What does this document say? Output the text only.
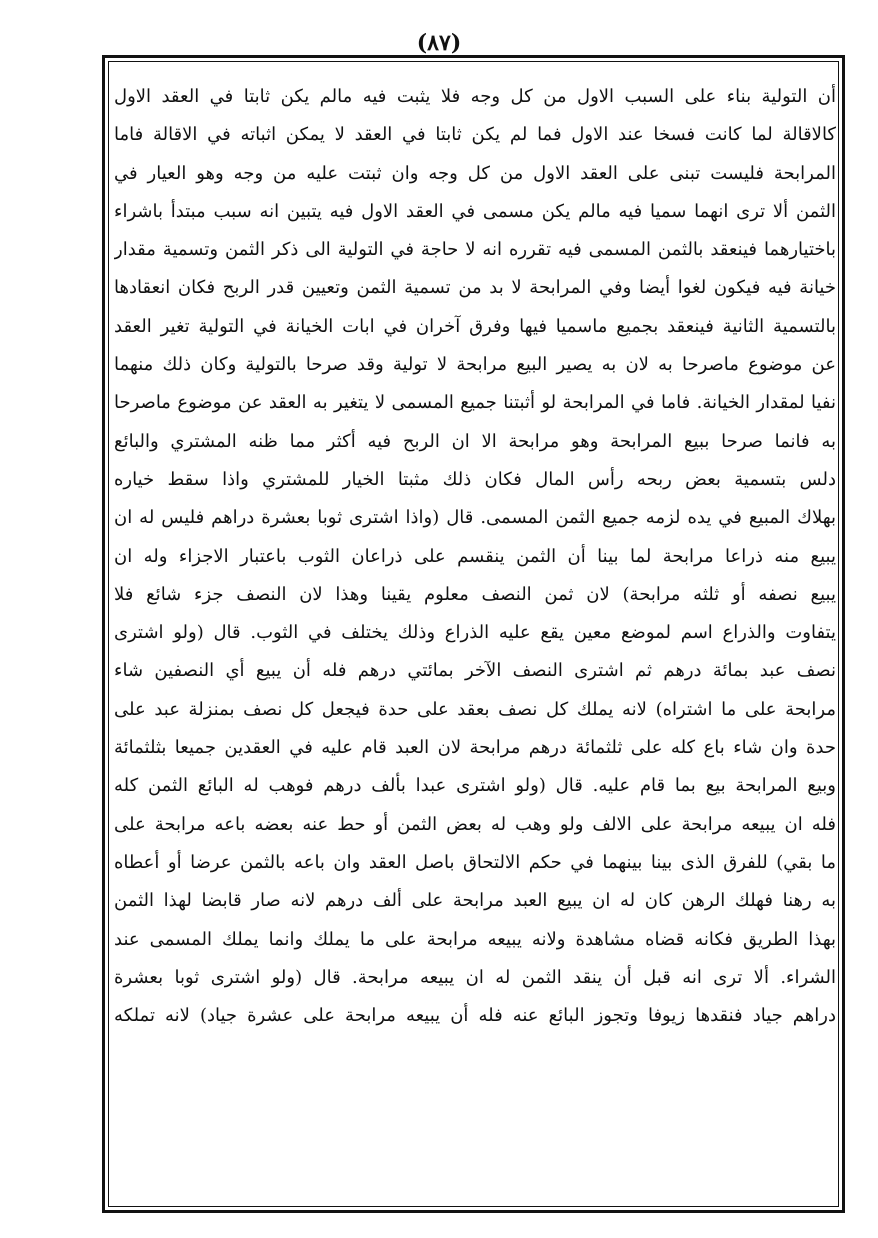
(٨٧)
أن التولية بناء على السبب الاول من كل وجه فلا يثبت فيه مالم يكن ثابتا في العقد الاول
كالاقالة لما كانت فسخا عند الاول فما لم يكن ثابتا في العقد لا يمكن اثباته في الاقالة فاما
المرابحة فليست تبنى على العقد الاول من كل وجه وان ثبتت عليه من وجه وهو العيار في
الثمن ألا ترى انهما سميا فيه مالم يكن مسمى في العقد الاول فيه يتبين انه سبب مبتدأ باشراء
باختيارهما فينعقد بالثمن المسمى فيه تقرره انه لا حاجة في التولية الى ذكر الثمن وتسمية مقدار
خيانة فيه فيكون لغوا أيضا وفي المرابحة لا بد من تسمية الثمن وتعيين قدر الربح فكان انعقادها
بالتسمية الثانية فينعقد بجميع ماسميا فيها وفرق آخران في ابات الخيانة في التولية تغير العقد
عن موضوع ماصرحا به لان به يصير البيع مرابحة لا تولية وقد صرحا بالتولية وكان ذلك منهما
نفيا لمقدار الخيانة. فاما في المرابحة لو أثبتنا جميع المسمى لا يتغير به العقد عن موضوع ماصرحا
به فانما صرحا ببيع المرابحة وهو مرابحة الا ان الربح فيه أكثر مما ظنه المشتري والبائع
دلس بتسمية بعض ربحه رأس المال فكان ذلك مثبتا الخيار للمشتري واذا سقط خياره
بهلاك المبيع في يده لزمه جميع الثمن المسمى. قال (واذا اشترى ثوبا بعشرة دراهم فليس له ان
يبيع منه ذراعا مرابحة لما بينا أن الثمن ينقسم على ذراعان الثوب باعتبار الاجزاء وله ان
يبيع نصفه أو ثلثه مرابحة) لان ثمن النصف معلوم يقينا وهذا لان النصف جزء شائع فلا
يتفاوت والذراع اسم لموضع معين يقع عليه الذراع وذلك يختلف في الثوب. قال (ولو اشترى
نصف عبد بمائة درهم ثم اشترى النصف الآخر بمائتي درهم فله أن يبيع أي النصفين شاء
مرابحة على ما اشتراه) لانه يملك كل نصف بعقد على حدة فيجعل كل نصف بمنزلة عبد على
حدة وان شاء باع كله على ثلثمائة درهم مرابحة لان العبد قام عليه في العقدين جميعا بثلثمائة
وبيع المرابحة بيع بما قام عليه. قال (ولو اشترى عبدا بألف درهم فوهب له البائع الثمن كله
فله ان يبيعه مرابحة على الالف ولو وهب له بعض الثمن أو حط عنه بعضه باعه مرابحة على
ما بقي) للفرق الذى بينا بينهما في حكم الالتحاق باصل العقد وان باعه بالثمن عرضا أو أعطاه
به رهنا فهلك الرهن كان له ان يبيع العبد مرابحة على ألف درهم لانه صار قابضا لهذا الثمن
بهذا الطريق فكانه قضاه مشاهدة ولانه يبيعه مرابحة على ما يملك وانما يملك المسمى عند
الشراء. ألا ترى انه قبل أن ينقد الثمن له ان يبيعه مرابحة. قال (ولو اشترى ثوبا بعشرة
دراهم جياد فنقدها زيوفا وتجوز البائع عنه فله أن يبيعه مرابحة على عشرة جياد) لانه تملكه
